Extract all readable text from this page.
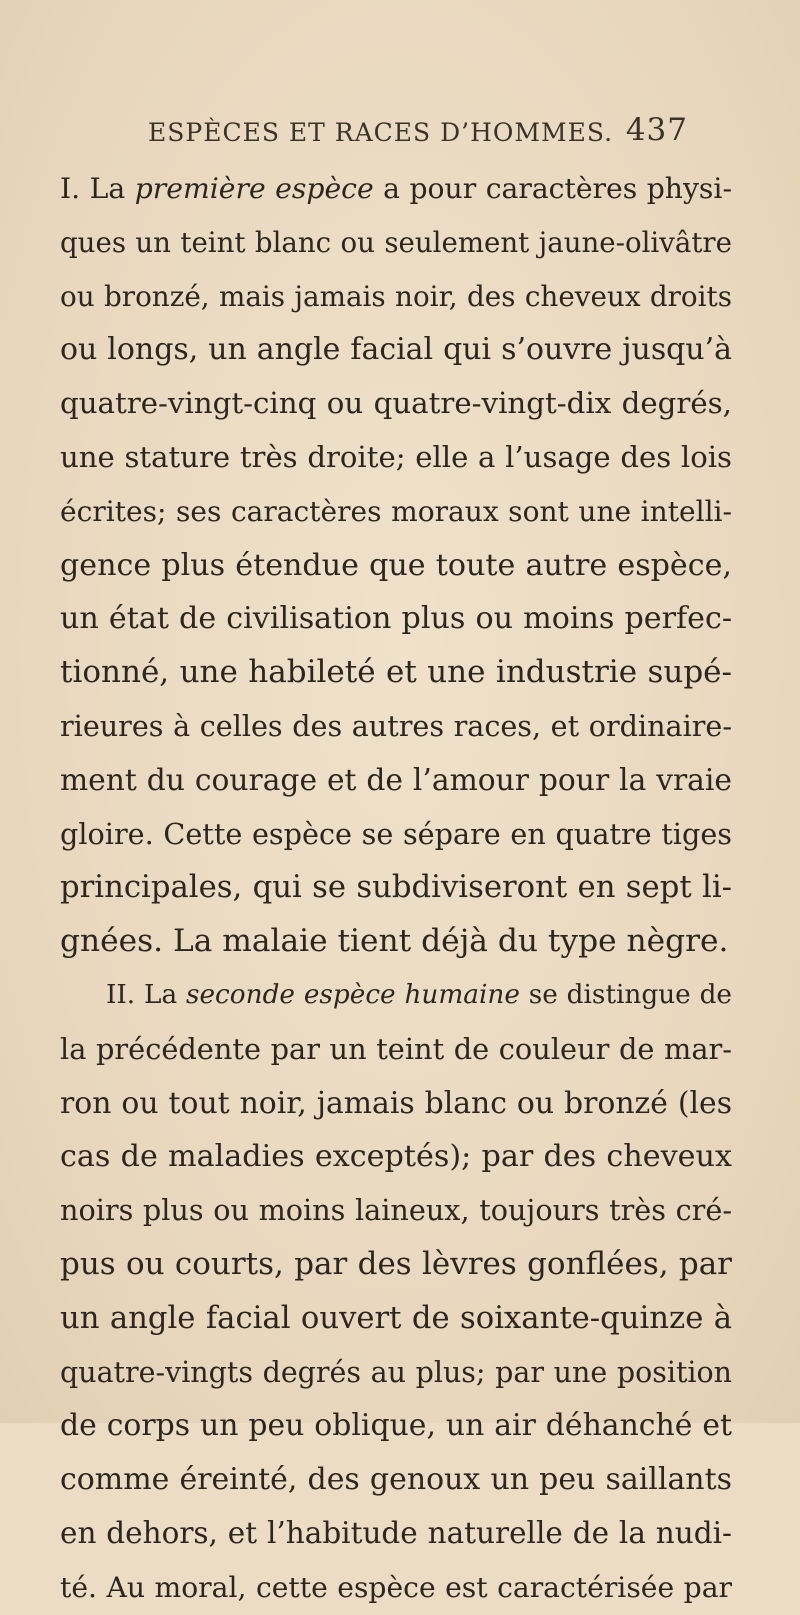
ESPÈCES ET RACES D’HOMMES. 437
I. La première espèce a pour caractères physi-
ques un teint blanc ou seulement jaune-olivâtre
ou bronzé, mais jamais noir, des cheveux droits
ou longs, un angle facial qui s’ouvre jusqu’à
quatre-vingt-cinq ou quatre-vingt-dix degrés,
une stature très droite; elle a l’usage des lois
écrites; ses caractères moraux sont une intelli-
gence plus étendue que toute autre espèce,
un état de civilisation plus ou moins perfec-
tionné, une habileté et une industrie supé-
rieures à celles des autres races, et ordinaire-
ment du courage et de l’amour pour la vraie
gloire. Cette espèce se sépare en quatre tiges
principales, qui se subdiviseront en sept li-
gnées. La malaie tient déjà du type nègre.
II. La seconde espèce humaine se distingue de
la précédente par un teint de couleur de mar-
ron ou tout noir, jamais blanc ou bronzé (les
cas de maladies exceptés); par des cheveux
noirs plus ou moins laineux, toujours très cré-
pus ou courts, par des lèvres gonflées, par
un angle facial ouvert de soixante-quinze à
quatre-vingts degrés au plus; par une position
de corps un peu oblique, un air déhanché et
comme éreinté, des genoux un peu saillants
en dehors, et l’habitude naturelle de la nudi-
té. Au moral, cette espèce est caractérisée par
